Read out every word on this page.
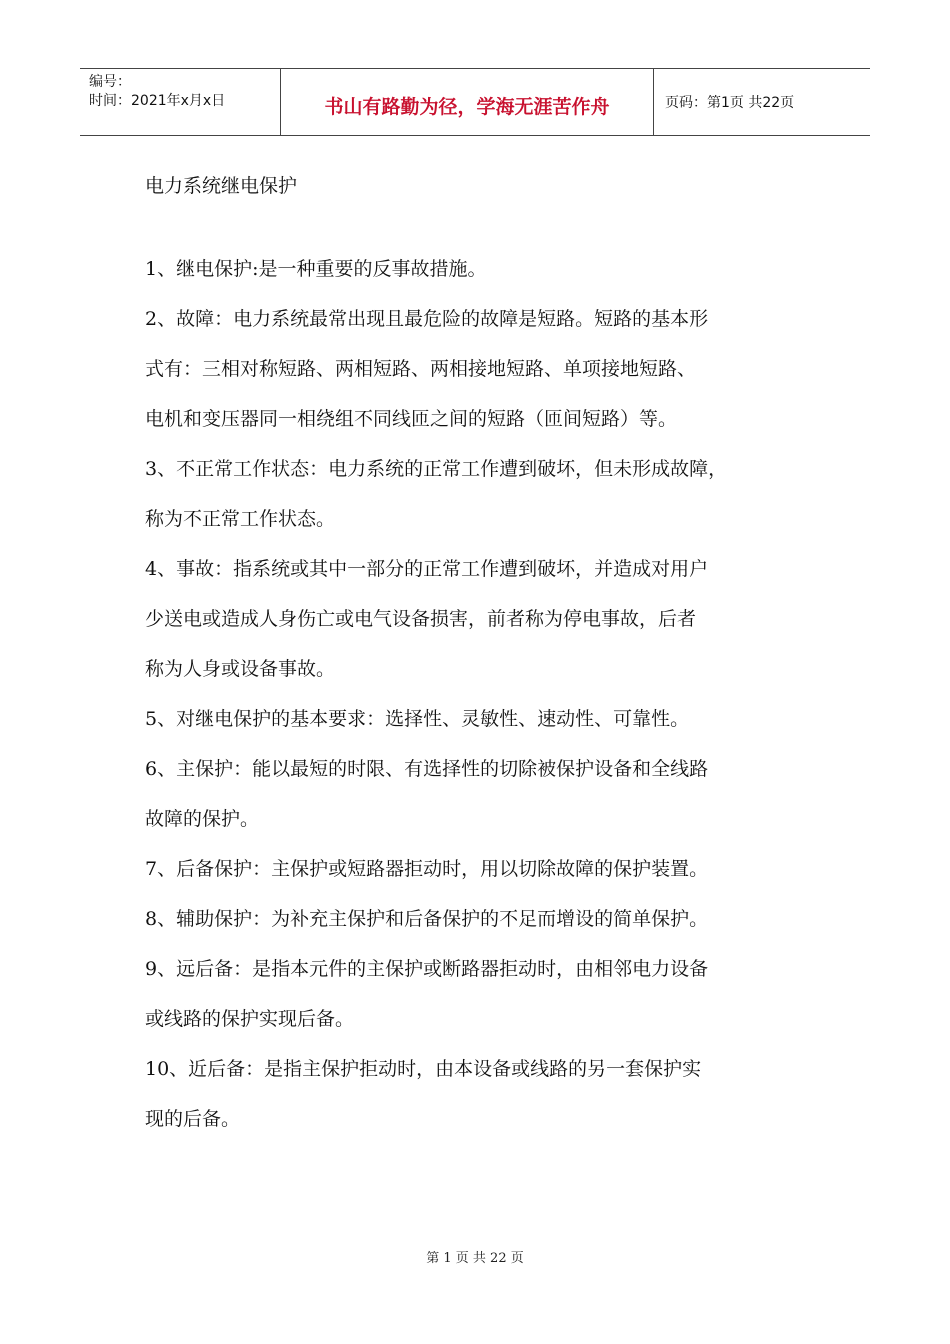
编号：
时间：2021年x月x日	书山有路勤为径，学海无涯苦作舟	页码：第1页 共22页
电力系统继电保护

1、继电保护:是一种重要的反事故措施。

2、故障：电力系统最常出现且最危险的故障是短路。短路的基本形

式有：三相对称短路、两相短路、两相接地短路、单项接地短路、

电机和变压器同一相绕组不同线匝之间的短路（匝间短路）等。

3、不正常工作状态：电力系统的正常工作遭到破坏，但未形成故障，

称为不正常工作状态。

4、事故：指系统或其中一部分的正常工作遭到破坏，并造成对用户

少送电或造成人身伤亡或电气设备损害，前者称为停电事故，后者

称为人身或设备事故。

5、对继电保护的基本要求：选择性、灵敏性、速动性、可靠性。

6、主保护：能以最短的时限、有选择性的切除被保护设备和全线路

故障的保护。

7、后备保护：主保护或短路器拒动时，用以切除故障的保护装置。

8、辅助保护：为补充主保护和后备保护的不足而增设的简单保护。

9、远后备：是指本元件的主保护或断路器拒动时，由相邻电力设备

或线路的保护实现后备。

10、近后备：是指主保护拒动时，由本设备或线路的另一套保护实

现的后备。

第 1 页 共 22 页
